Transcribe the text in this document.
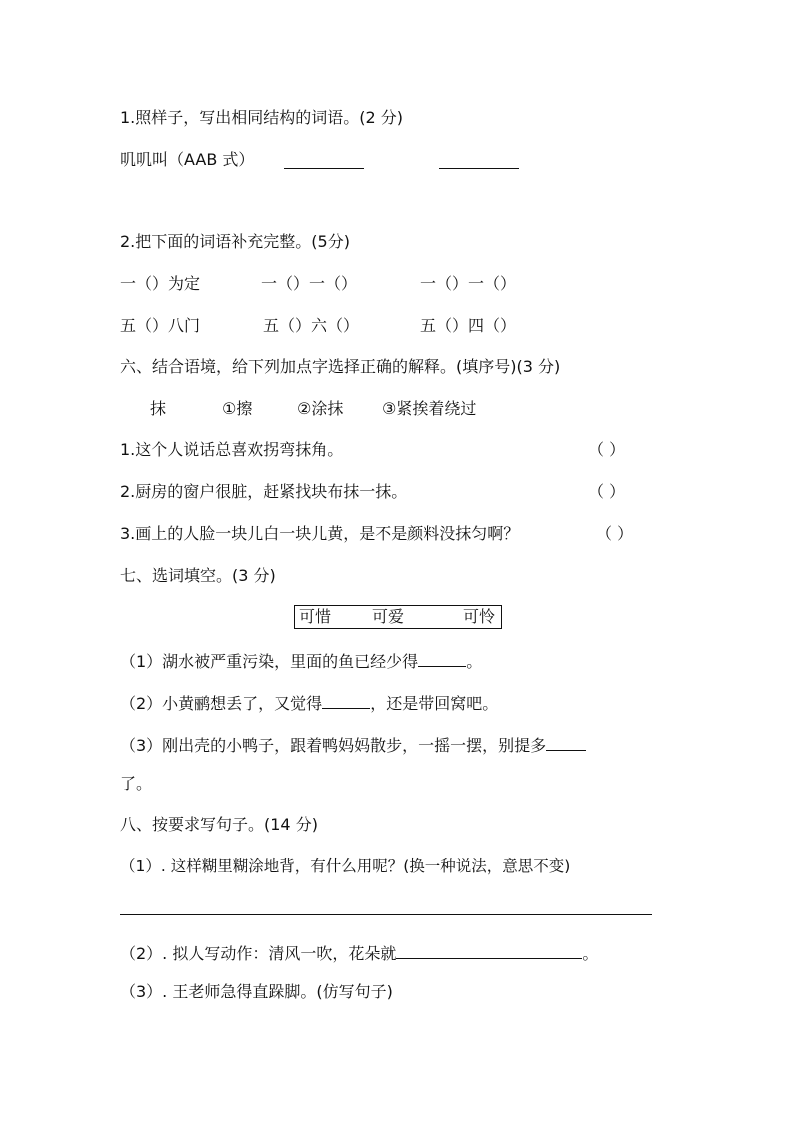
1.照样子，写出相同结构的词语。(2 分)
叽叽叫（AAB 式）
2.把下面的词语补充完整。(5分)
一（）为定	一（）一（）	一（）一（）
五（）八门	五（）六（）	五（）四（）
六、结合语境，给下列加点字选择正确的解释。(填序号)(3 分)
抹	①擦	②涂抹 ③紧挨着绕过
1.这个人说话总喜欢拐弯抹角。	（ ）
2.厨房的窗户很脏，赶紧找块布抹一抹。	（ ）
3.画上的人脸一块儿白一块儿黄，是不是颜料没抹匀啊？	（ ）
七、选词填空。(3 分)
可惜	可爱	可怜
（1）湖水被严重污染，里面的鱼已经少得	。
（2）小黄鹂想丢了，又觉得	，还是带回窝吧。
（3）刚出壳的小鸭子，跟着鸭妈妈散步，一摇一摆，别提多
了。
八、按要求写句子。(14 分)
（1）. 这样糊里糊涂地背，有什么用呢？(换一种说法，意思不变)
（2）. 拟人写动作：清风一吹，花朵就	。
（3）. 王老师急得直跺脚。(仿写句子)
